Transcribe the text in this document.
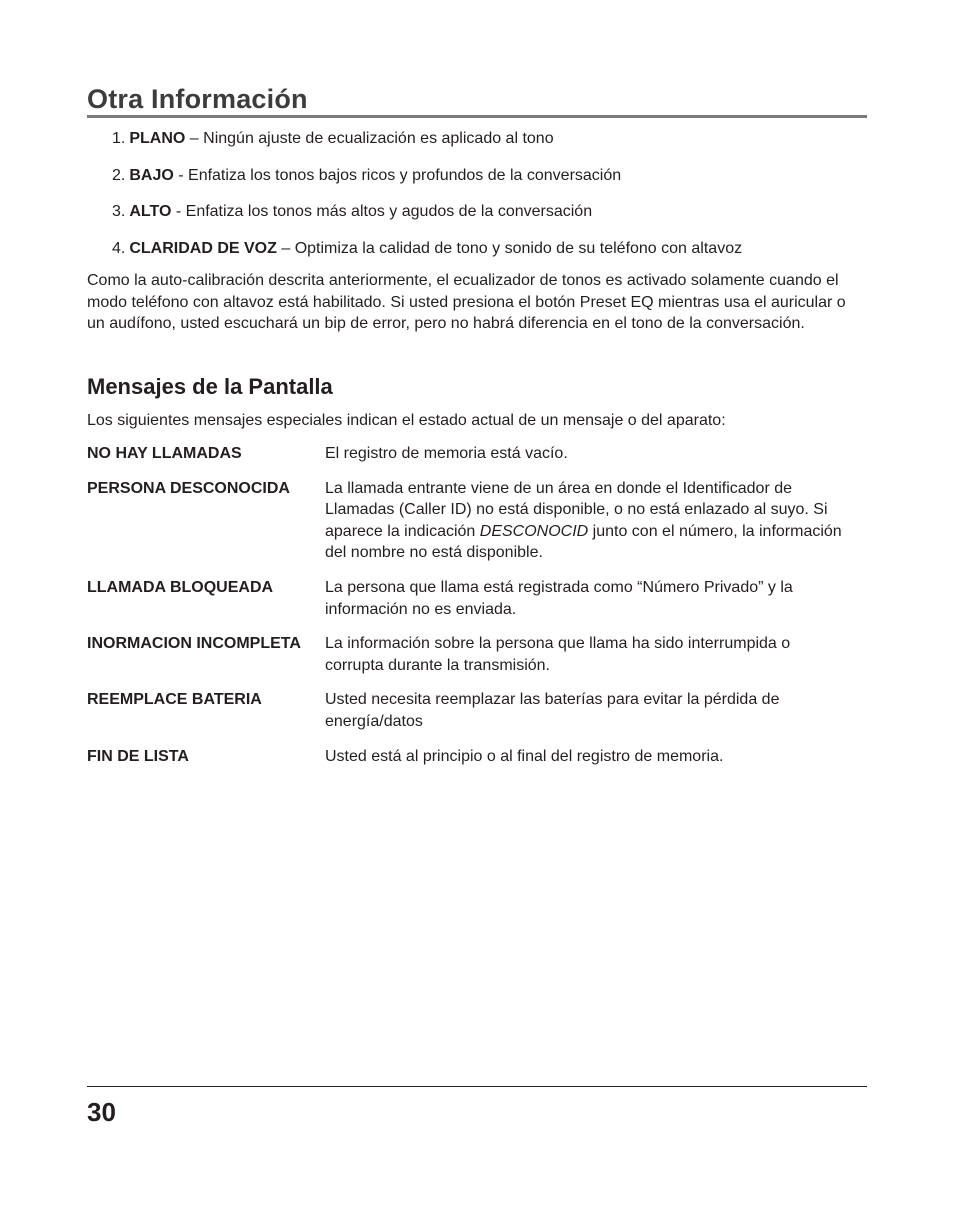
Otra Información
1. PLANO – Ningún ajuste de ecualización es aplicado al tono
2. BAJO - Enfatiza los tonos bajos ricos y profundos de la conversación
3. ALTO - Enfatiza los tonos más altos y agudos de la conversación
4. CLARIDAD DE VOZ – Optimiza la calidad de tono y sonido de su teléfono con altavoz

Como la auto-calibración descrita anteriormente, el ecualizador de tonos es activado solamente cuando el modo teléfono con altavoz está habilitado. Si usted presiona el botón Preset EQ mientras usa el auricular o un audífono, usted escuchará un bip de error, pero no habrá diferencia en el tono de la conversación.

Mensajes de la Pantalla

Los siguientes mensajes especiales indican el estado actual de un mensaje o del aparato:

NO HAY LLAMADAS	El registro de memoria está vacío.
PERSONA DESCONOCIDA	La llamada entrante viene de un área en donde el Identificador de Llamadas (Caller ID) no está disponible, o no está enlazado al suyo. Si aparece la indicación DESCONOCID junto con el número, la información del nombre no está disponible.
LLAMADA BLOQUEADA	La persona que llama está registrada como “Número Privado” y la información no es enviada.
INORMACION INCOMPLETA	La información sobre la persona que llama ha sido interrumpida o corrupta durante la transmisión.
REEMPLACE BATERIA	Usted necesita reemplazar las baterías para evitar la pérdida de energía/datos
FIN DE LISTA	Usted está al principio o al final del registro de memoria.

30
